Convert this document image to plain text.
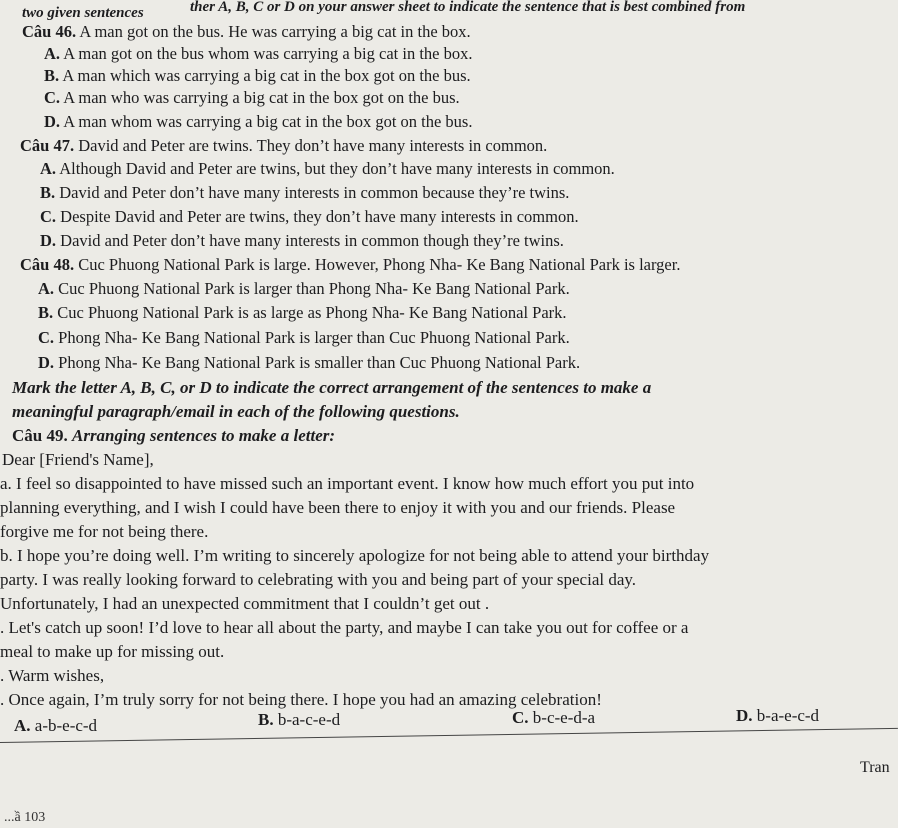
two given sentences	ther A, B, C or D on your answer sheet to indicate the sentence that is best combined from
Câu 46. A man got on the bus. He was carrying a big cat in the box.
A. A man got on the bus whom was carrying a big cat in the box.
B. A man which was carrying a big cat in the box got on the bus.
C. A man who was carrying a big cat in the box got on the bus.
D. A man whom was carrying a big cat in the box got on the bus.
Câu 47. David and Peter are twins. They don’t have many interests in common.
A. Although David and Peter are twins, but they don’t have many interests in common.
B. David and Peter don’t have many interests in common because they’re twins.
C. Despite David and Peter are twins, they don’t have many interests in common.
D. David and Peter don’t have many interests in common though they’re twins.
Câu 48. Cuc Phuong National Park is large. However, Phong Nha- Ke Bang National Park is larger.
A. Cuc Phuong National Park is larger than Phong Nha- Ke Bang National Park.
B. Cuc Phuong National Park is as large as Phong Nha- Ke Bang National Park.
C. Phong Nha- Ke Bang National Park is larger than Cuc Phuong National Park.
D. Phong Nha- Ke Bang National Park is smaller than Cuc Phuong National Park.
Mark the letter A, B, C, or D to indicate the correct arrangement of the sentences to make a
meaningful paragraph/email in each of the following questions.
Câu 49. Arranging sentences to make a letter:
Dear [Friend's Name],
a. I feel so disappointed to have missed such an important event. I know how much effort you put into
planning everything, and I wish I could have been there to enjoy it with you and our friends. Please
forgive me for not being there.
b. I hope you’re doing well. I’m writing to sincerely apologize for not being able to attend your birthday
party. I was really looking forward to celebrating with you and being part of your special day.
Unfortunately, I had an unexpected commitment that I couldn’t get out .
. Let's catch up soon! I’d love to hear all about the party, and maybe I can take you out for coffee or a
meal to make up for missing out.
. Warm wishes,
. Once again, I’m truly sorry for not being there. I hope you had an amazing celebration!
A. a-b-e-c-d	B. b-a-c-e-d	C. b-c-e-d-a	D. b-a-e-c-d
Tran
...ầ 103
